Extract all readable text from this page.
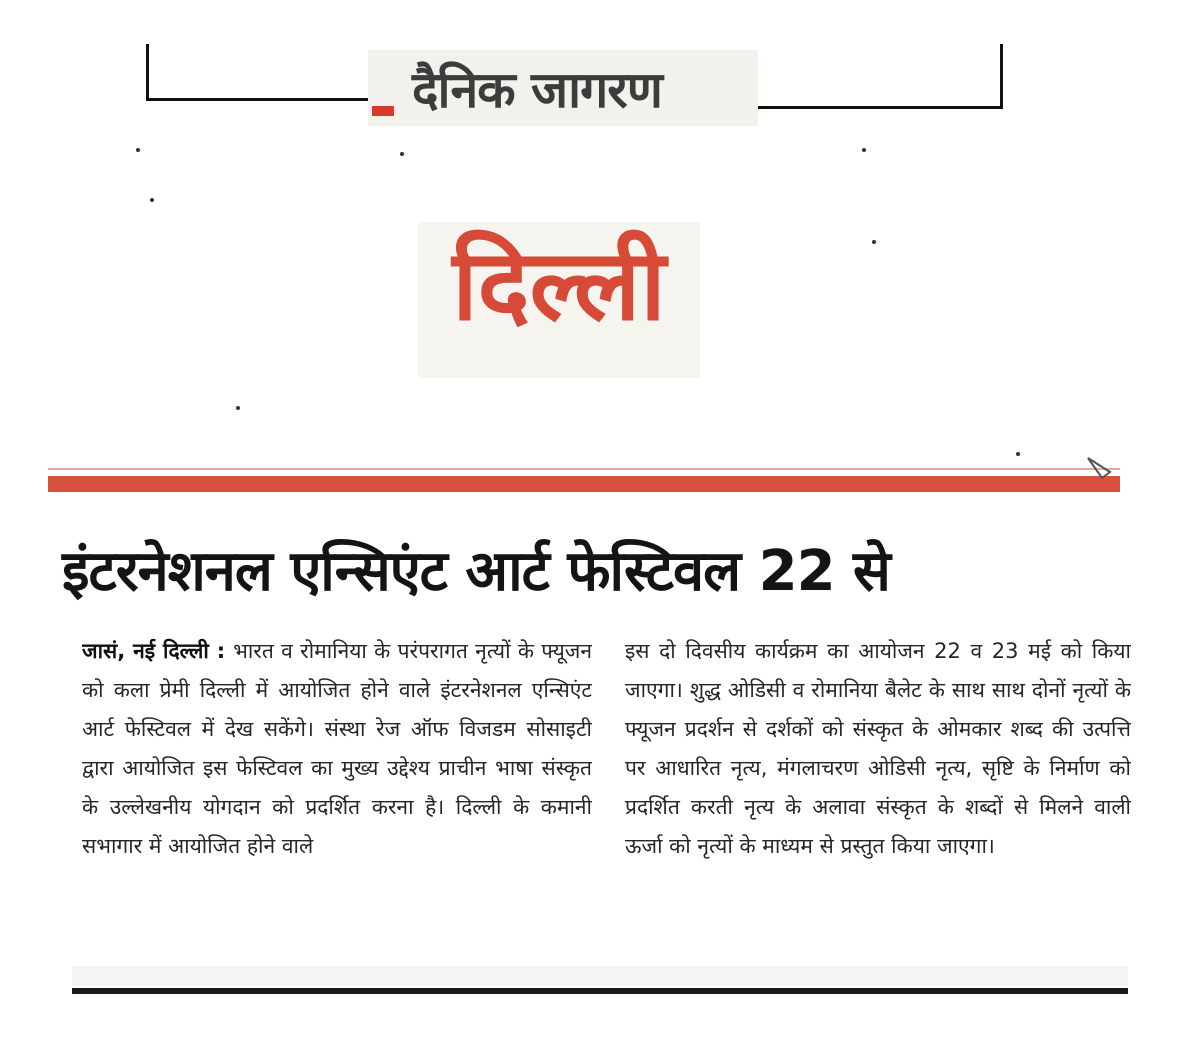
दैनिक जागरण
दिल्ली
इंटरनेशनल एन्सिएंट आर्ट फेस्टिवल 22 से
जासं, नई दिल्ली : भारत व रोमानिया के परंपरागत नृत्यों के फ्यूजन को कला प्रेमी दिल्ली में आयोजित होने वाले इंटरनेशनल एन्सिएंट आर्ट फेस्टिवल में देख सकेंगे। संस्था रेज ऑफ विजडम सोसाइटी द्वारा आयोजित इस फेस्टिवल का मुख्य उद्देश्य प्राचीन भाषा संस्कृत के उल्लेखनीय योगदान को प्रदर्शित करना है। दिल्ली के कमानी सभागार में आयोजित होने वाले
इस दो दिवसीय कार्यक्रम का आयोजन 22 व 23 मई को किया जाएगा। शुद्ध ओडिसी व रोमानिया बैलेट के साथ साथ दोनों नृत्यों के फ्यूजन प्रदर्शन से दर्शकों को संस्कृत के ओमकार शब्द की उत्पत्ति पर आधारित नृत्य, मंगलाचरण ओडिसी नृत्य, सृष्टि के निर्माण को प्रदर्शित करती नृत्य के अलावा संस्कृत के शब्दों से मिलने वाली ऊर्जा को नृत्यों के माध्यम से प्रस्तुत किया जाएगा।
